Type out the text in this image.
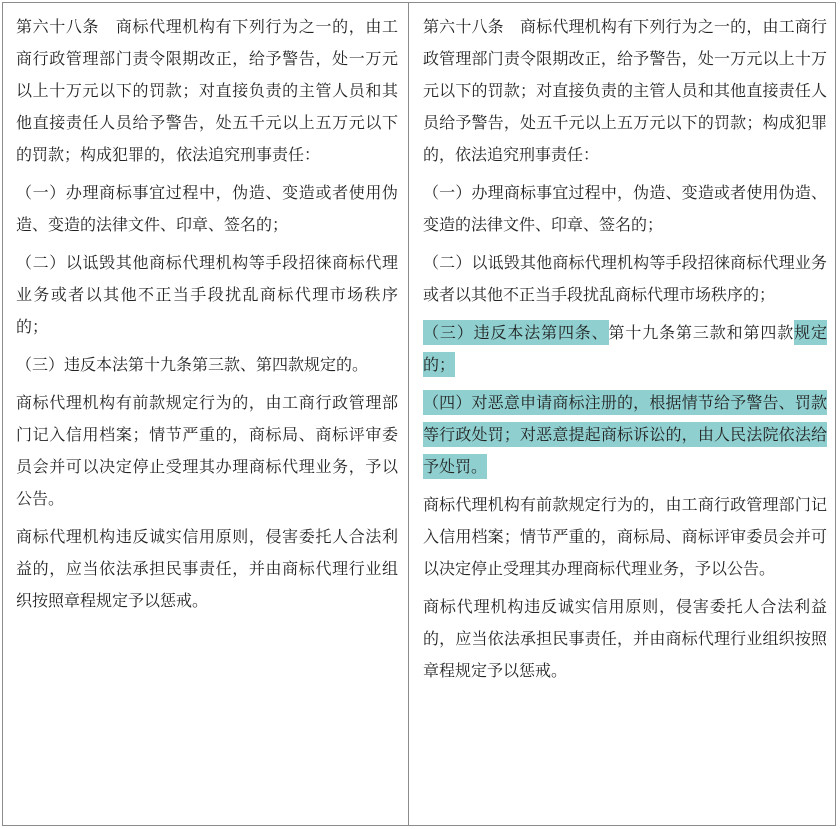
第六十八条　商标代理机构有下列行为之一的，由工商行政管理部门责令限期改正，给予警告，处一万元以上十万元以下的罚款；对直接负责的主管人员和其他直接责任人员给予警告，处五千元以上五万元以下的罚款；构成犯罪的，依法追究刑事责任：

（一）办理商标事宜过程中，伪造、变造或者使用伪造、变造的法律文件、印章、签名的；

（二）以诋毁其他商标代理机构等手段招徕商标代理业务或者以其他不正当手段扰乱商标代理市场秩序的；

（三）违反本法第十九条第三款、第四款规定的。

商标代理机构有前款规定行为的，由工商行政管理部门记入信用档案；情节严重的，商标局、商标评审委员会并可以决定停止受理其办理商标代理业务，予以公告。

商标代理机构违反诚实信用原则，侵害委托人合法利益的，应当依法承担民事责任，并由商标代理行业组织按照章程规定予以惩戒。

第六十八条　商标代理机构有下列行为之一的，由工商行政管理部门责令限期改正，给予警告，处一万元以上十万元以下的罚款；对直接负责的主管人员和其他直接责任人员给予警告，处五千元以上五万元以下的罚款；构成犯罪的，依法追究刑事责任：

（一）办理商标事宜过程中，伪造、变造或者使用伪造、变造的法律文件、印章、签名的；

（二）以诋毁其他商标代理机构等手段招徕商标代理业务或者以其他不正当手段扰乱商标代理市场秩序的；

（三）违反本法第四条、第十九条第三款和第四款规定的；

（四）对恶意申请商标注册的，根据情节给予警告、罚款等行政处罚；对恶意提起商标诉讼的，由人民法院依法给予处罚。

商标代理机构有前款规定行为的，由工商行政管理部门记入信用档案；情节严重的，商标局、商标评审委员会并可以决定停止受理其办理商标代理业务，予以公告。

商标代理机构违反诚实信用原则，侵害委托人合法利益的，应当依法承担民事责任，并由商标代理行业组织按照章程规定予以惩戒。
